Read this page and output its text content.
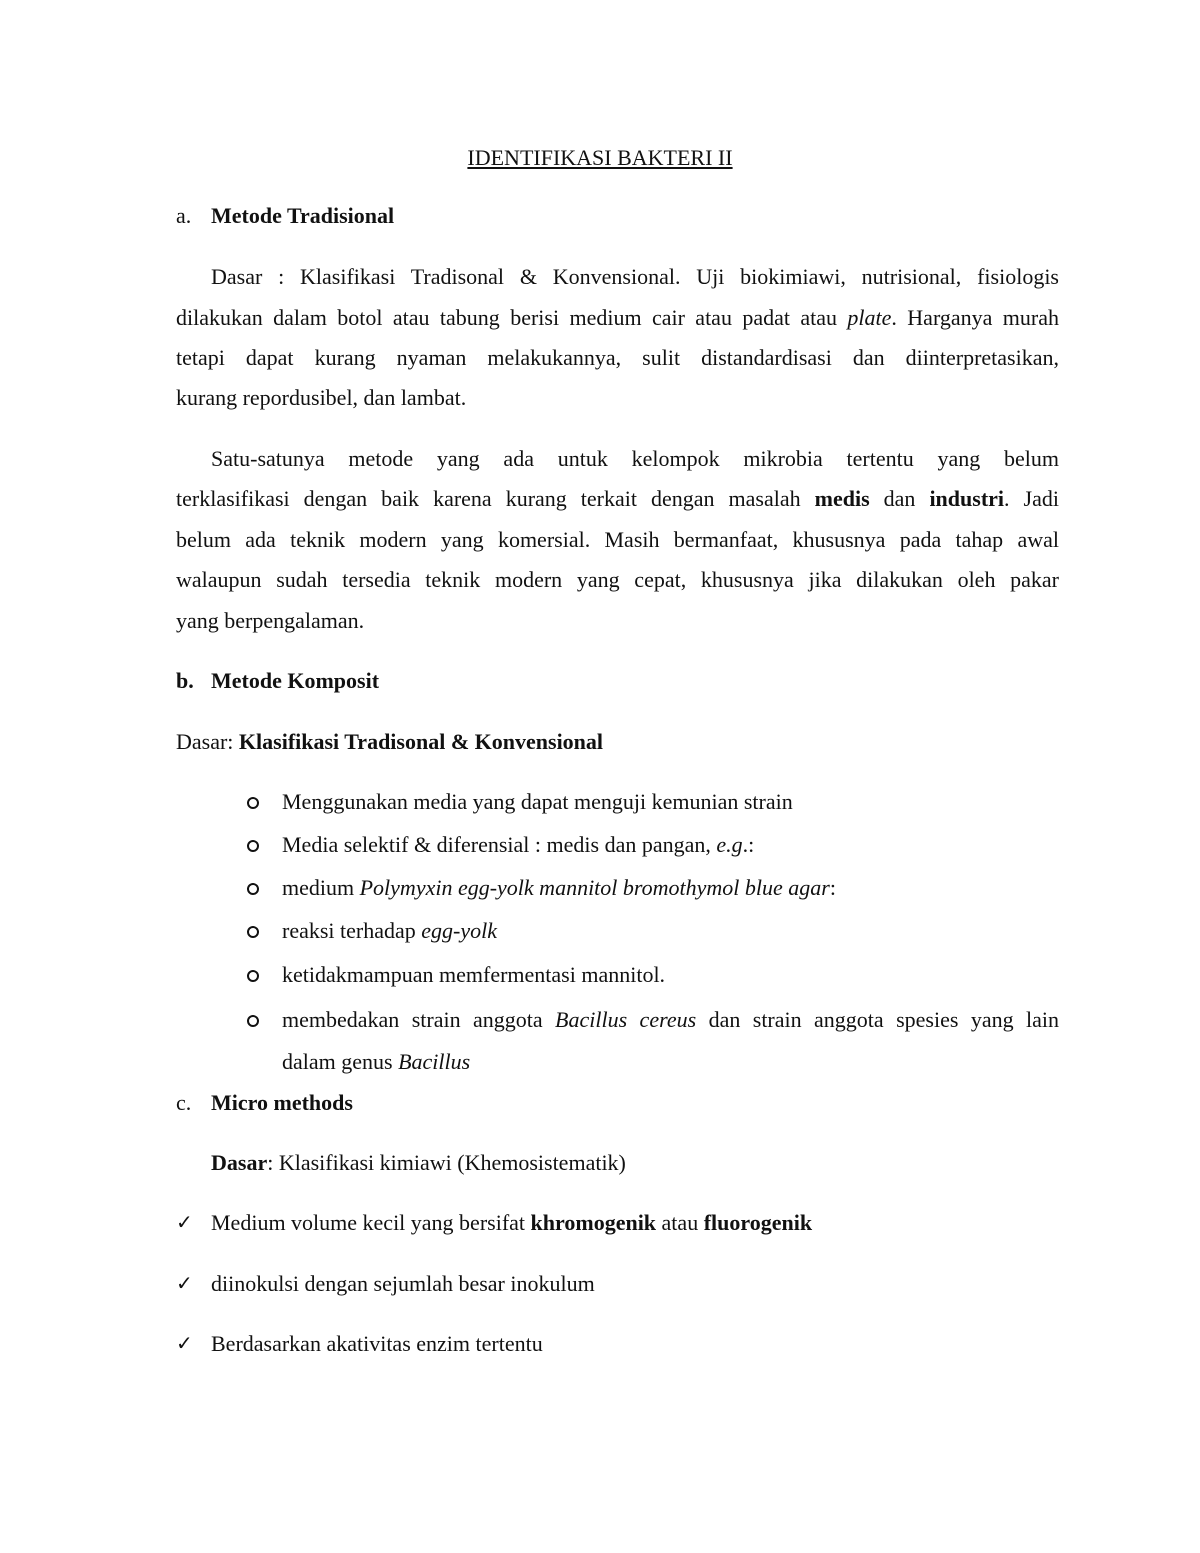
IDENTIFIKASI BAKTERI II
a. Metode Tradisional
Dasar : Klasifikasi Tradisonal & Konvensional. Uji biokimiawi, nutrisional, fisiologis
dilakukan dalam botol atau tabung berisi medium cair atau padat atau plate. Harganya murah
tetapi dapat kurang nyaman melakukannya, sulit distandardisasi dan diinterpretasikan,
kurang repordusibel, dan lambat.
Satu-satunya metode yang ada untuk kelompok mikrobia tertentu yang belum
terklasifikasi dengan baik karena kurang terkait dengan masalah medis dan industri. Jadi
belum ada teknik modern yang komersial. Masih bermanfaat, khususnya pada tahap awal
walaupun sudah tersedia teknik modern yang cepat, khususnya jika dilakukan oleh pakar
yang berpengalaman.
b. Metode Komposit
Dasar: Klasifikasi Tradisonal & Konvensional
Menggunakan media yang dapat menguji kemunian strain
Media selektif & diferensial : medis dan pangan, e.g.:
medium Polymyxin egg-yolk mannitol bromothymol blue agar:
reaksi terhadap egg-yolk
ketidakmampuan memfermentasi mannitol.
membedakan strain anggota Bacillus cereus dan strain anggota spesies yang lain
dalam genus Bacillus
c. Micro methods
Dasar: Klasifikasi kimiawi (Khemosistematik)
✓ Medium volume kecil yang bersifat khromogenik atau fluorogenik
✓ diinokulsi dengan sejumlah besar inokulum
✓ Berdasarkan akativitas enzim tertentu
